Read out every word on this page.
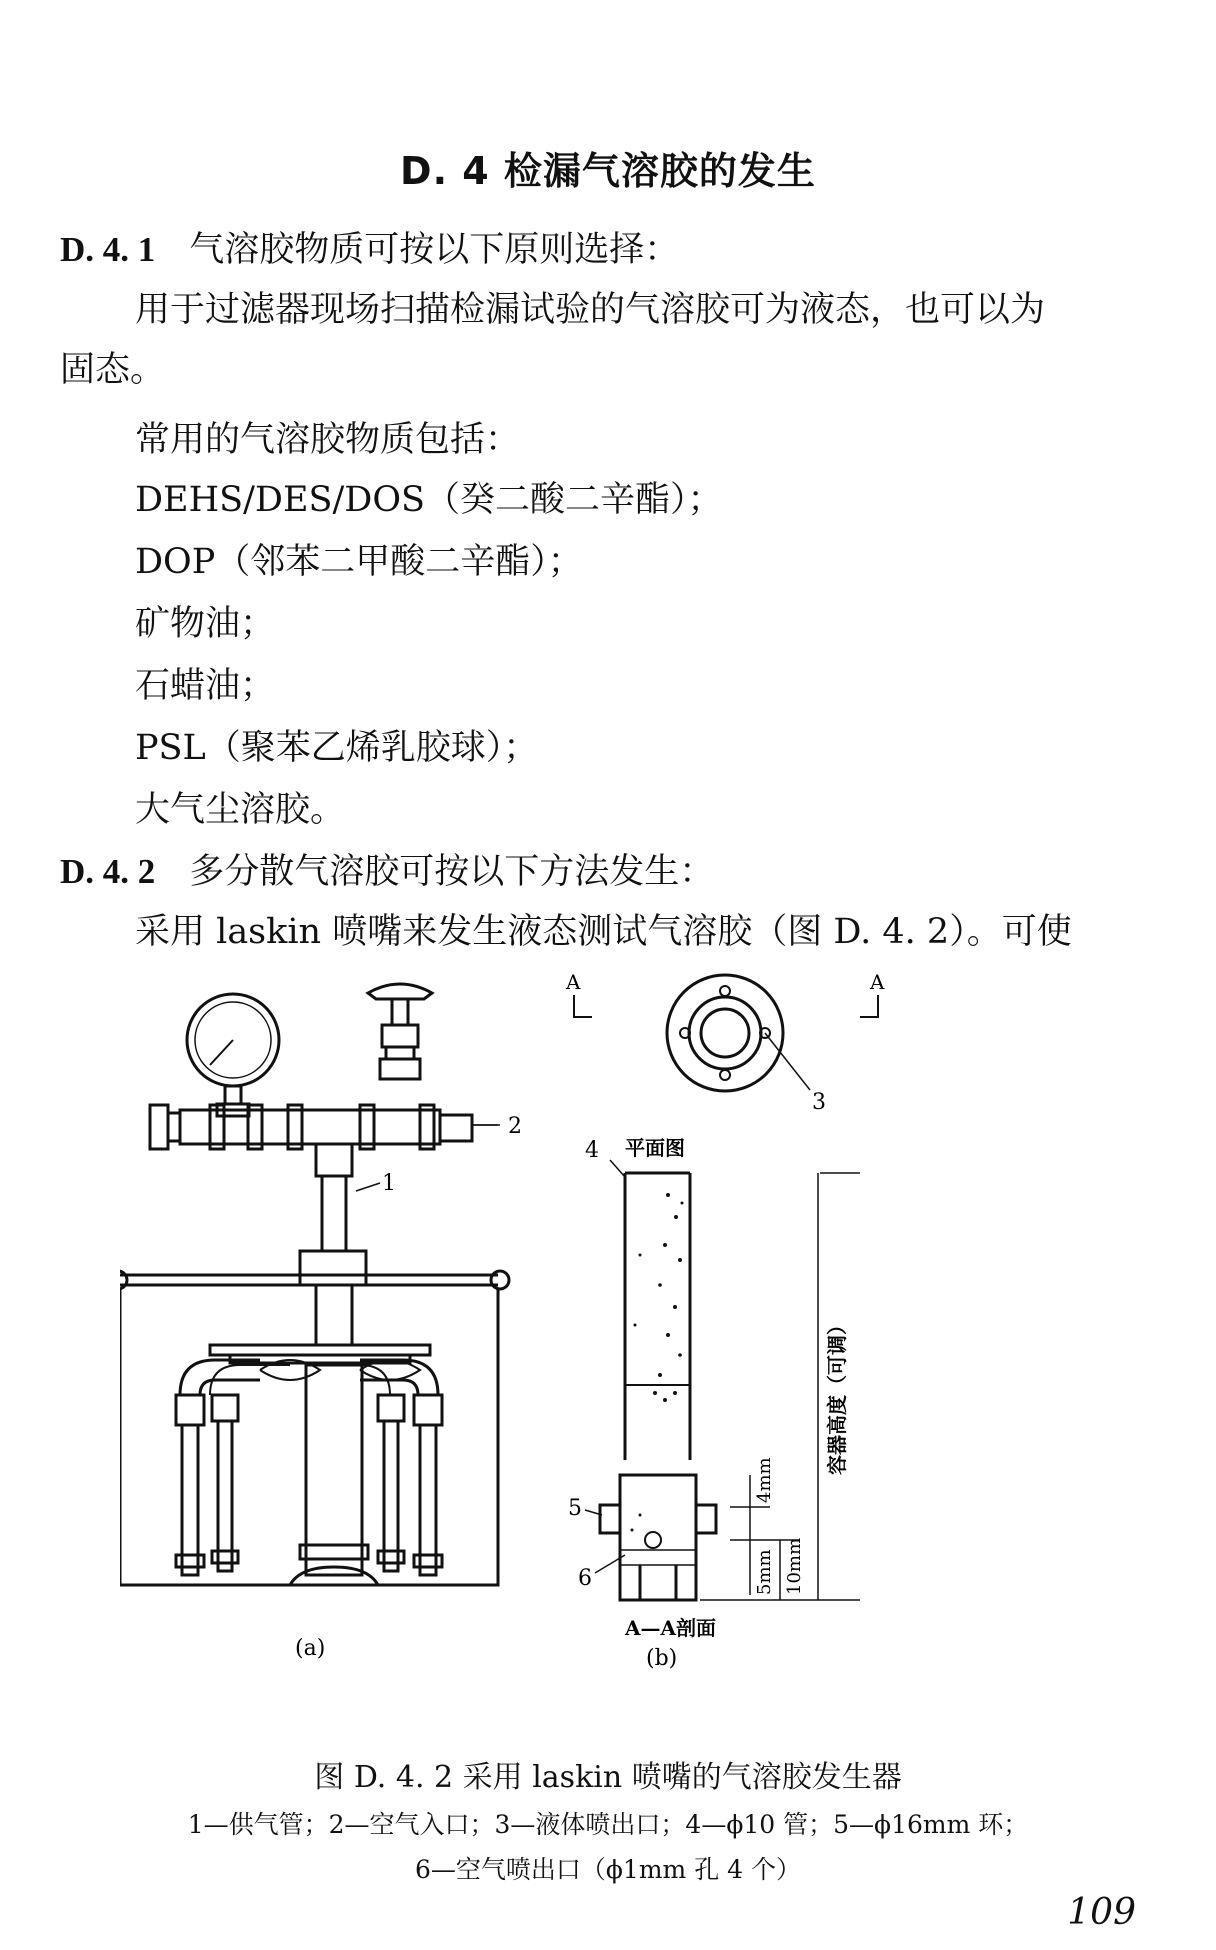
D. 4 检漏气溶胶的发生
D. 4. 1 气溶胶物质可按以下原则选择：
用于过滤器现场扫描检漏试验的气溶胶可为液态，也可以为
固态。
常用的气溶胶物质包括：
DEHS/DES/DOS（癸二酸二辛酯）；
DOP（邻苯二甲酸二辛酯）；
矿物油；
石蜡油；
PSL（聚苯乙烯乳胶球）；
大气尘溶胶。
D. 4. 2 多分散气溶胶可按以下方法发生：
采用 laskin 喷嘴来发生液态测试气溶胶（图 D. 4. 2）。可使
1
2
(a)
A	A
3
平面图
4
5
6
4mm
5mm 10mm
容器高度（可调）
A—A剖面
(b)
图 D. 4. 2 采用 laskin 喷嘴的气溶胶发生器
1—供气管；2—空气入口；3—液体喷出口；4—ϕ10 管；5—ϕ16mm 环；
6—空气喷出口（ϕ1mm 孔 4 个）
109
